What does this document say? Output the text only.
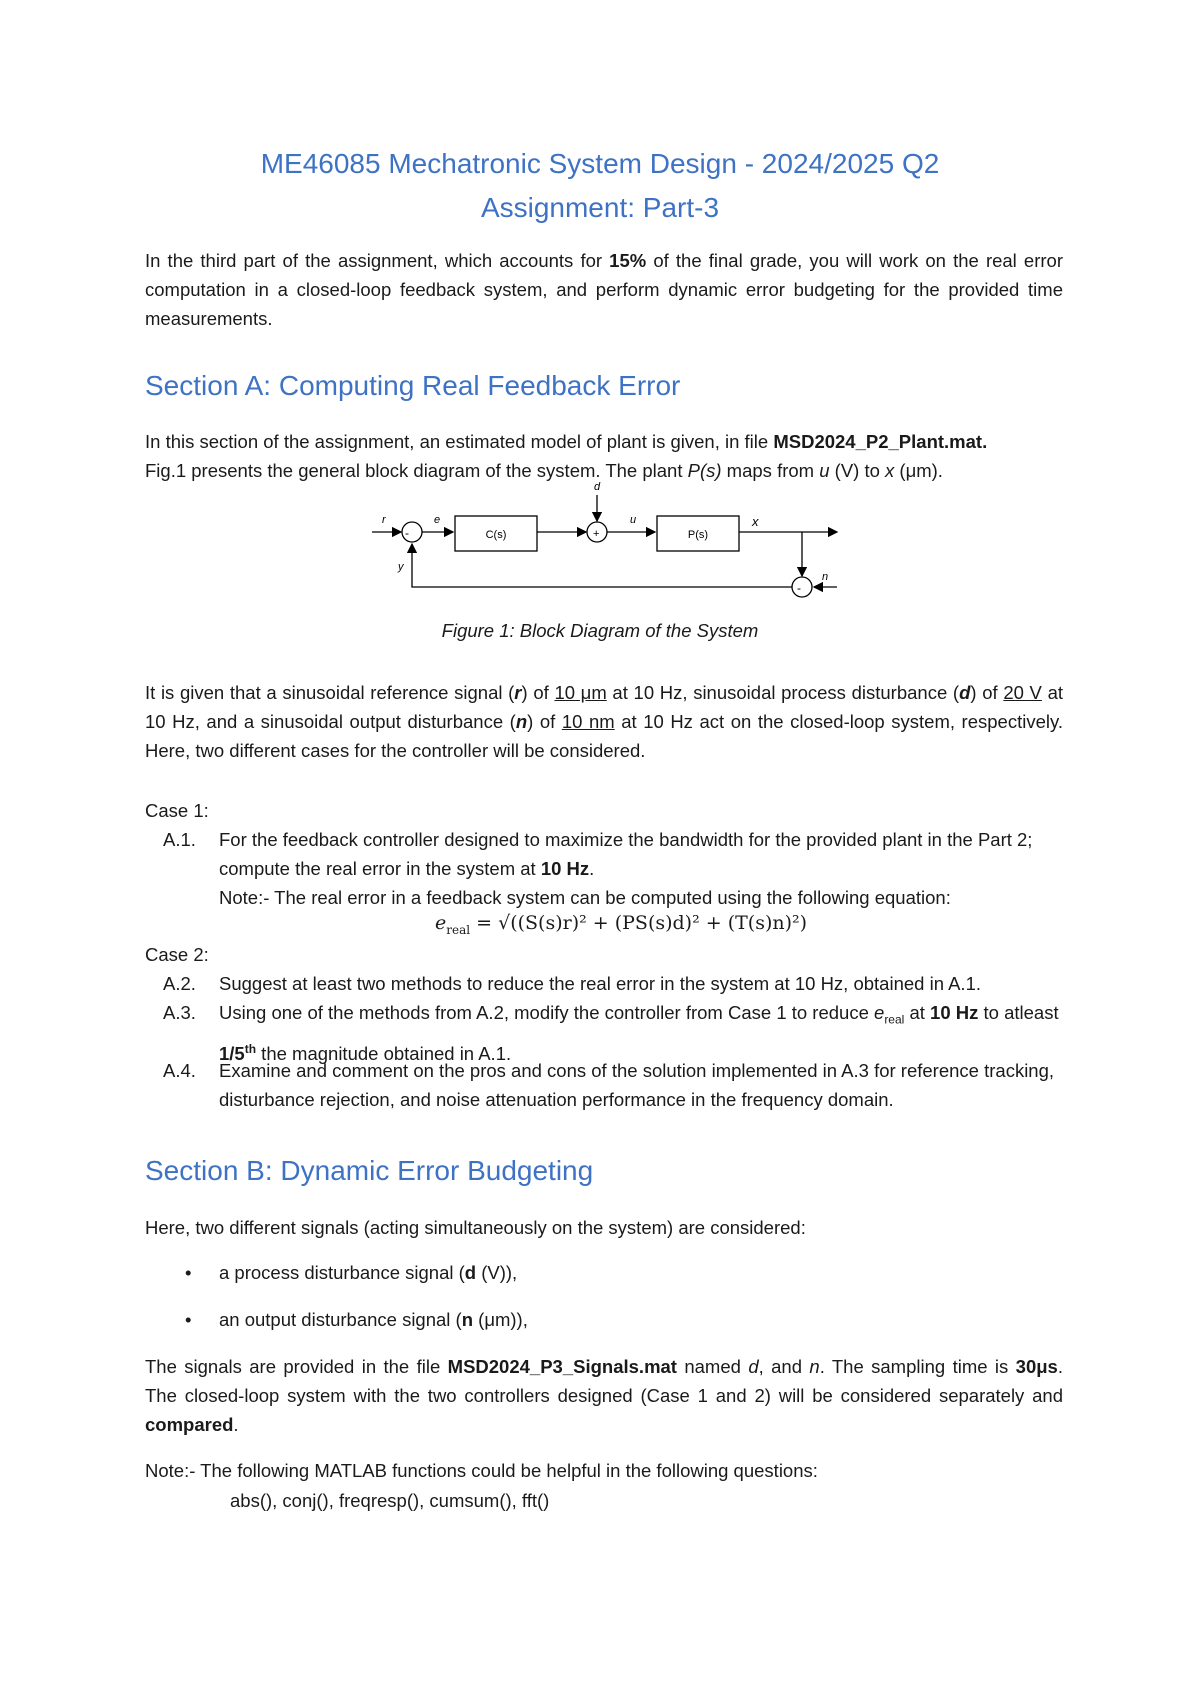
ME46085 Mechatronic System Design - 2024/2025 Q2
Assignment: Part-3

In the third part of the assignment, which accounts for 15% of the final grade, you will work on the real error computation in a closed-loop feedback system, and perform dynamic error budgeting for the provided time measurements.

Section A: Computing Real Feedback Error

In this section of the assignment, an estimated model of plant is given, in file MSD2024_P2_Plant.mat.
Fig.1 presents the general block diagram of the system. The plant P(s) maps from u (V) to x (μm).

r	e
C(s)
d
u
P(s)
x
y
n
-	+
-
Figure 1: Block Diagram of the System

It is given that a sinusoidal reference signal (r) of 10 μm at 10 Hz, sinusoidal process disturbance (d) of 20 V at 10 Hz, and a sinusoidal output disturbance (n) of 10 nm at 10 Hz act on the closed-loop system, respectively. Here, two different cases for the controller will be considered.

Case 1:

A.1. For the feedback controller designed to maximize the bandwidth for the provided plant in the Part 2; compute the real error in the system at 10 Hz.
Note:- The real error in a feedback system can be computed using the following equation:
$e_{real} = √((S(s)r)^2 + (PS(s)d)^2 + (T(s)n)^2)$

Case 2:

A.2. Suggest at least two methods to reduce the real error in the system at 10 Hz, obtained in A.1.
A.3. Using one of the methods from A.2, modify the controller from Case 1 to reduce $e_{real}$ at 10 Hz to atleast 1/5th the magnitude obtained in A.1.
A.4. Examine and comment on the pros and cons of the solution implemented in A.3 for reference tracking, disturbance rejection, and noise attenuation performance in the frequency domain.
Section B: Dynamic Error Budgeting

Here, two different signals (acting simultaneously on the system) are considered:

• a process disturbance signal (d (V)),
• an output disturbance signal (n (μm)),

The signals are provided in the file MSD2024_P3_Signals.mat named d, and n. The sampling time is 30μs. The closed-loop system with the two controllers designed (Case 1 and 2) will be considered separately and compared.

Note:- The following MATLAB functions could be helpful in the following questions:

abs(), conj(), freqresp(), cumsum(), fft()
